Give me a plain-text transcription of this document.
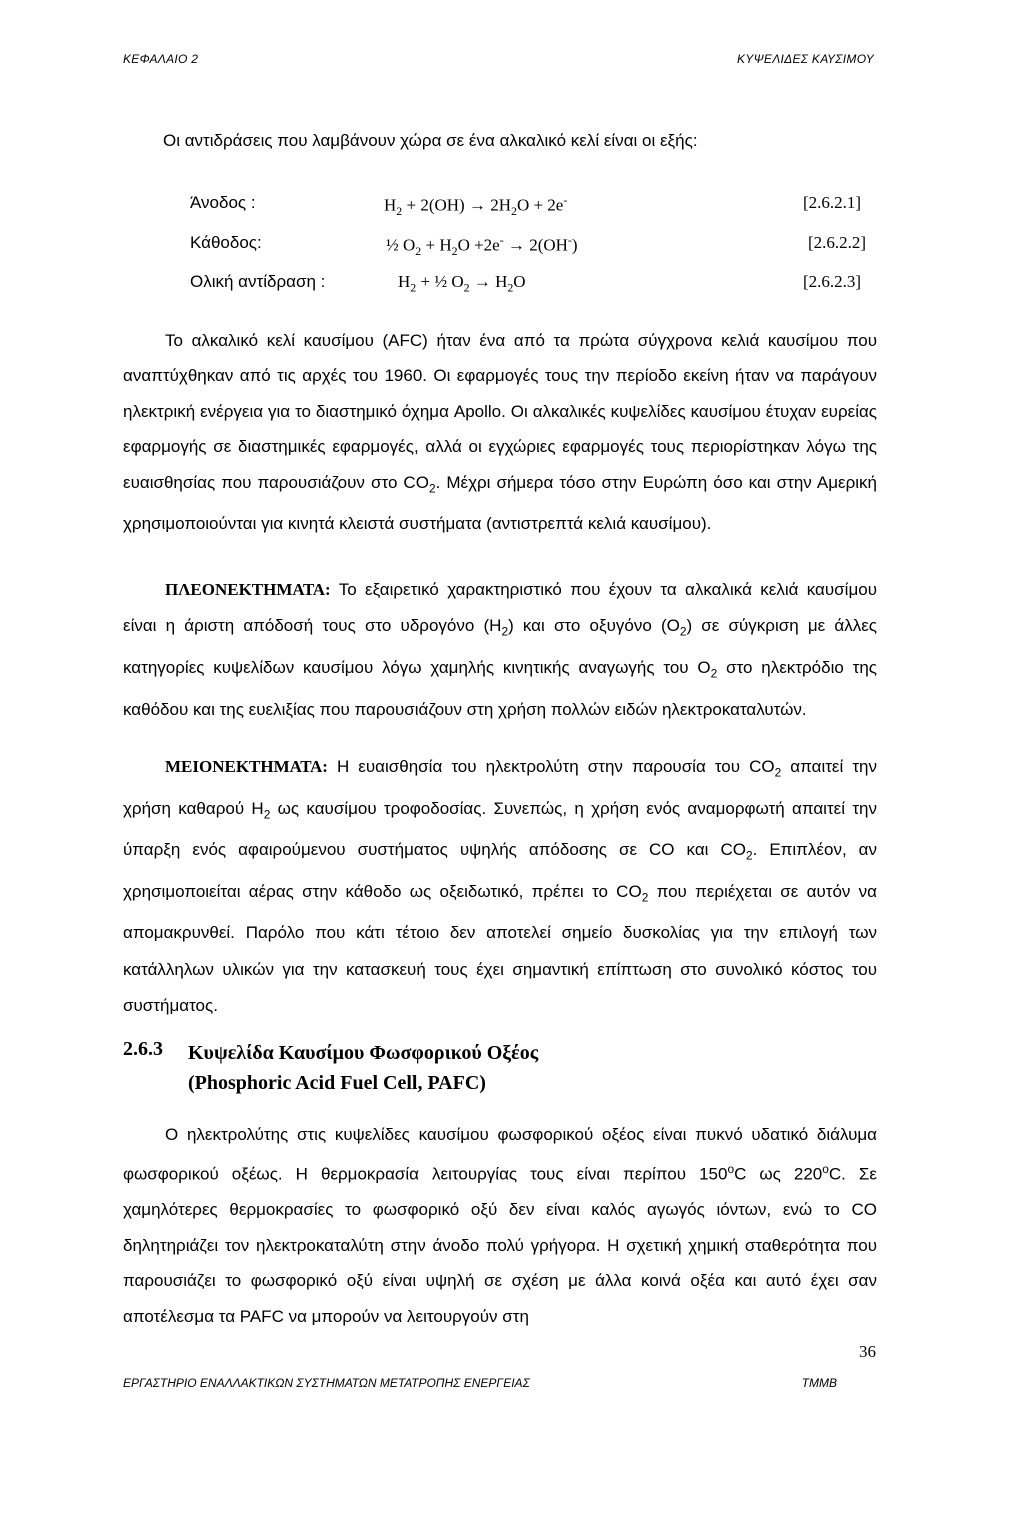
ΚΕΦΑΛΑΙΟ 2	ΚΥΨΕΛΙΔΕΣ ΚΑΥΣΙΜΟΥ
Οι αντιδράσεις που λαμβάνουν χώρα σε ένα αλκαλικό κελί είναι οι εξής:
Άνοδος :	$H_2 + 2(OH) \to 2H_2O + 2e^-$	[2.6.2.1]
Κάθοδος:	½ $O_2 + H_2O +2e^- \to 2(OH^-)$	[2.6.2.2]
Ολική αντίδραση :	$H_2$ + ½ $O_2 \to H_2O$	[2.6.2.3]

Το αλκαλικό κελί καυσίμου (AFC) ήταν ένα από τα πρώτα σύγχρονα κελιά καυσίμου που αναπτύχθηκαν από τις αρχές του 1960. Οι εφαρμογές τους την περίοδο εκείνη ήταν να παράγουν ηλεκτρική ενέργεια για το διαστημικό όχημα Apollo. Οι αλκαλικές κυψελίδες καυσίμου έτυχαν ευρείας εφαρμογής σε διαστημικές εφαρμογές, αλλά οι εγχώριες εφαρμογές τους περιορίστηκαν λόγω της ευαισθησίας που παρουσιάζουν στο $CO_2$. Μέχρι σήμερα τόσο στην Ευρώπη όσο και στην Αμερική χρησιμοποιούνται για κινητά κλειστά συστήματα (αντιστρεπτά κελιά καυσίμου).

ΠΛΕΟΝΕΚΤΗΜΑΤΑ: Το εξαιρετικό χαρακτηριστικό που έχουν τα αλκαλικά κελιά καυσίμου είναι η άριστη απόδοσή τους στο υδρογόνο $(H_2)$ και στο οξυγόνο $(O_2)$ σε σύγκριση με άλλες κατηγορίες κυψελίδων καυσίμου λόγω χαμηλής κινητικής αναγωγής του $O_2$ στο ηλεκτρόδιο της καθόδου και της ευελιξίας που παρουσιάζουν στη χρήση πολλών ειδών ηλεκτροκαταλυτών.

ΜΕΙΟΝΕΚΤΗΜΑΤΑ: Η ευαισθησία του ηλεκτρολύτη στην παρουσία του $CO_2$ απαιτεί την χρήση καθαρού $H_2$ ως καυσίμου τροφοδοσίας. Συνεπώς, η χρήση ενός αναμορφωτή απαιτεί την ύπαρξη ενός αφαιρούμενου συστήματος υψηλής απόδοσης σε CO και $CO_2$. Επιπλέον, αν χρησιμοποιείται αέρας στην κάθοδο ως οξειδωτικό, πρέπει το $CO_2$ που περιέχεται σε αυτόν να απομακρυνθεί. Παρόλο που κάτι τέτοιο δεν αποτελεί σημείο δυσκολίας για την επιλογή των κατάλληλων υλικών για την κατασκευή τους έχει σημαντική επίπτωση στο συνολικό κόστος του συστήματος.

2.6.3 Κυψελίδα Καυσίμου Φωσφορικού Οξέος
(Phosphoric Acid Fuel Cell, PAFC)

Ο ηλεκτρολύτης στις κυψελίδες καυσίμου φωσφορικού οξέος είναι πυκνό υδατικό διάλυμα φωσφορικού οξέως. Η θερμοκρασία λειτουργίας τους είναι περίπου 150$^o$C ως 220$^o$C. Σε χαμηλότερες θερμοκρασίες το φωσφορικό οξύ δεν είναι καλός αγωγός ιόντων, ενώ το CO δηλητηριάζει τον ηλεκτροκαταλύτη στην άνοδο πολύ γρήγορα. Η σχετική χημική σταθερότητα που παρουσιάζει το φωσφορικό οξύ είναι υψηλή σε σχέση με άλλα κοινά οξέα και αυτό έχει σαν αποτέλεσμα τα PAFC να μπορούν να λειτουργούν στη

36
ΕΡΓΑΣΤΗΡΙΟ ΕΝΑΛΛΑΚΤΙΚΩΝ ΣΥΣΤΗΜΑΤΩΝ ΜΕΤΑΤΡΟΠΗΣ ΕΝΕΡΓΕΙΑΣ	ΤΜΜΒ
